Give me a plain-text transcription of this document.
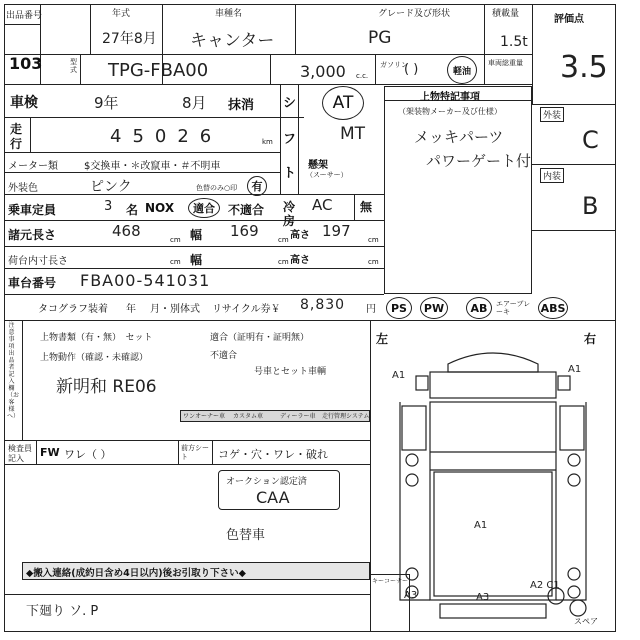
出品番号
103
年式
27年8月
車種名
キャンター
グレード及び形状
PG
積載量
1.5t
評価点
3.5
型
式 TPG-FBA00	3,000 c.c.
ガソリン
( )	軽油
車両総重量
車検	9年	8月 抹消 シ
フ
ト
AT
MT
走
行	45026	km
メーター類	$交換車・＊改竄車・＃不明車
外装色	ピンク	色替のみ○印 有
懸架
（スーサー）
冷
房
AC 無
乗車定員	3 名 NOX 適合 不適合
諸元長さ	468	cm 幅 169	cm 高さ 197 cm
荷台内寸長さ	cm 幅	cm 高さ	cm
車台番号 FBA00-541031
上物特記事項
（架装物メーカー及び仕様）
メッキパーツ
パワーゲート付
外装
C
内装
B
タコグラフ装着 年 月・別体式 リサイクル券￥ 8,830 円 PS PW AB エアーブレーキ	ABS
注意事項 出品者記入欄（お客様へ）
上物書類（有・無）　セット	適合（証明有・証明無）
不適合
上物動作（確認・未確認）
号車とセット車輌
新明和 RE06
ワンオーナー車 カスタム車	ディーラー車 走行管理システム
検査員記入	FW ワレ（ ）	前方シート	コゲ・穴・ワレ・破れ
オークション認定済
CAA
色替車
◆搬入連絡(成約日含め4日以内)後お引取り下さい◆
下廻り ソ. P
キーコーナー
左	右
A1
A1
A1
A3	A3
A2 C1
スペア
